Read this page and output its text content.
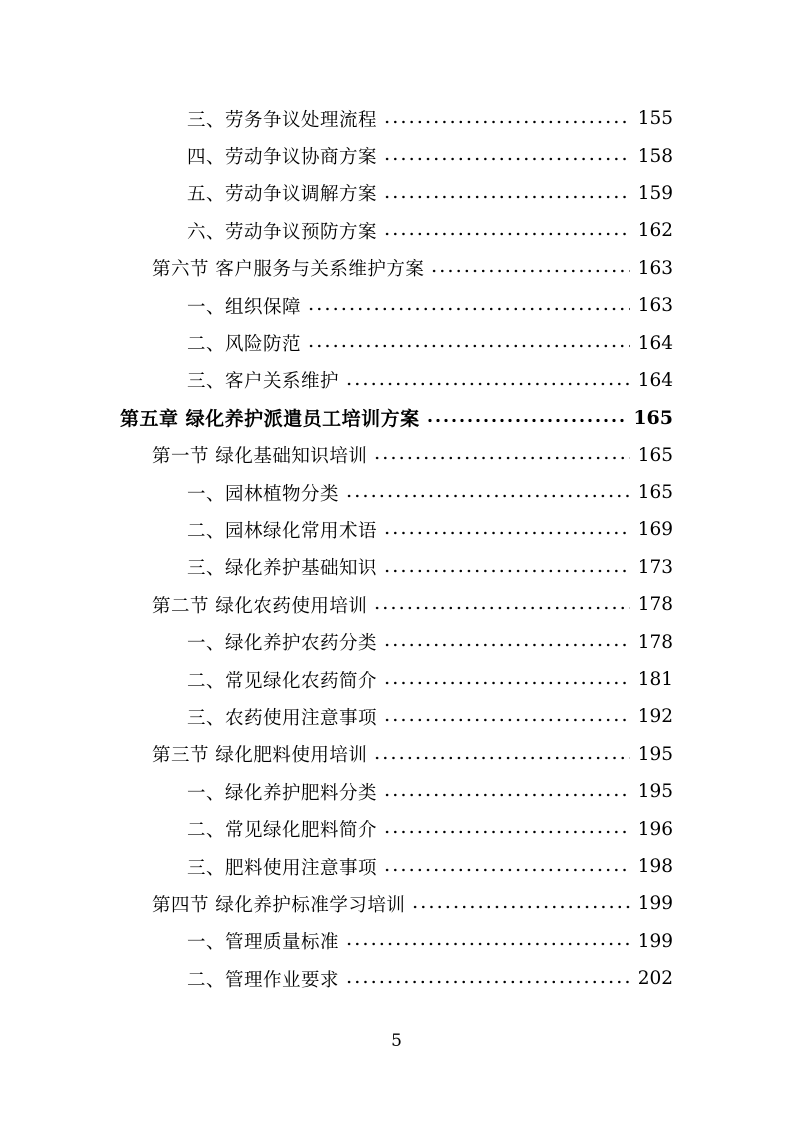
三、劳务争议处理流程	155
四、劳动争议协商方案	158
五、劳动争议调解方案	159
六、劳动争议预防方案	162
第六节 客户服务与关系维护方案	163
一、组织保障	163
二、风险防范	164
三、客户关系维护	164
第五章 绿化养护派遣员工培训方案	165
第一节 绿化基础知识培训	165
一、园林植物分类	165
二、园林绿化常用术语	169
三、绿化养护基础知识	173
第二节 绿化农药使用培训	178
一、绿化养护农药分类	178
二、常见绿化农药简介	181
三、农药使用注意事项	192
第三节 绿化肥料使用培训	195
一、绿化养护肥料分类	195
二、常见绿化肥料简介	196
三、肥料使用注意事项	198
第四节 绿化养护标准学习培训	199
一、管理质量标准	199
二、管理作业要求	202
5
